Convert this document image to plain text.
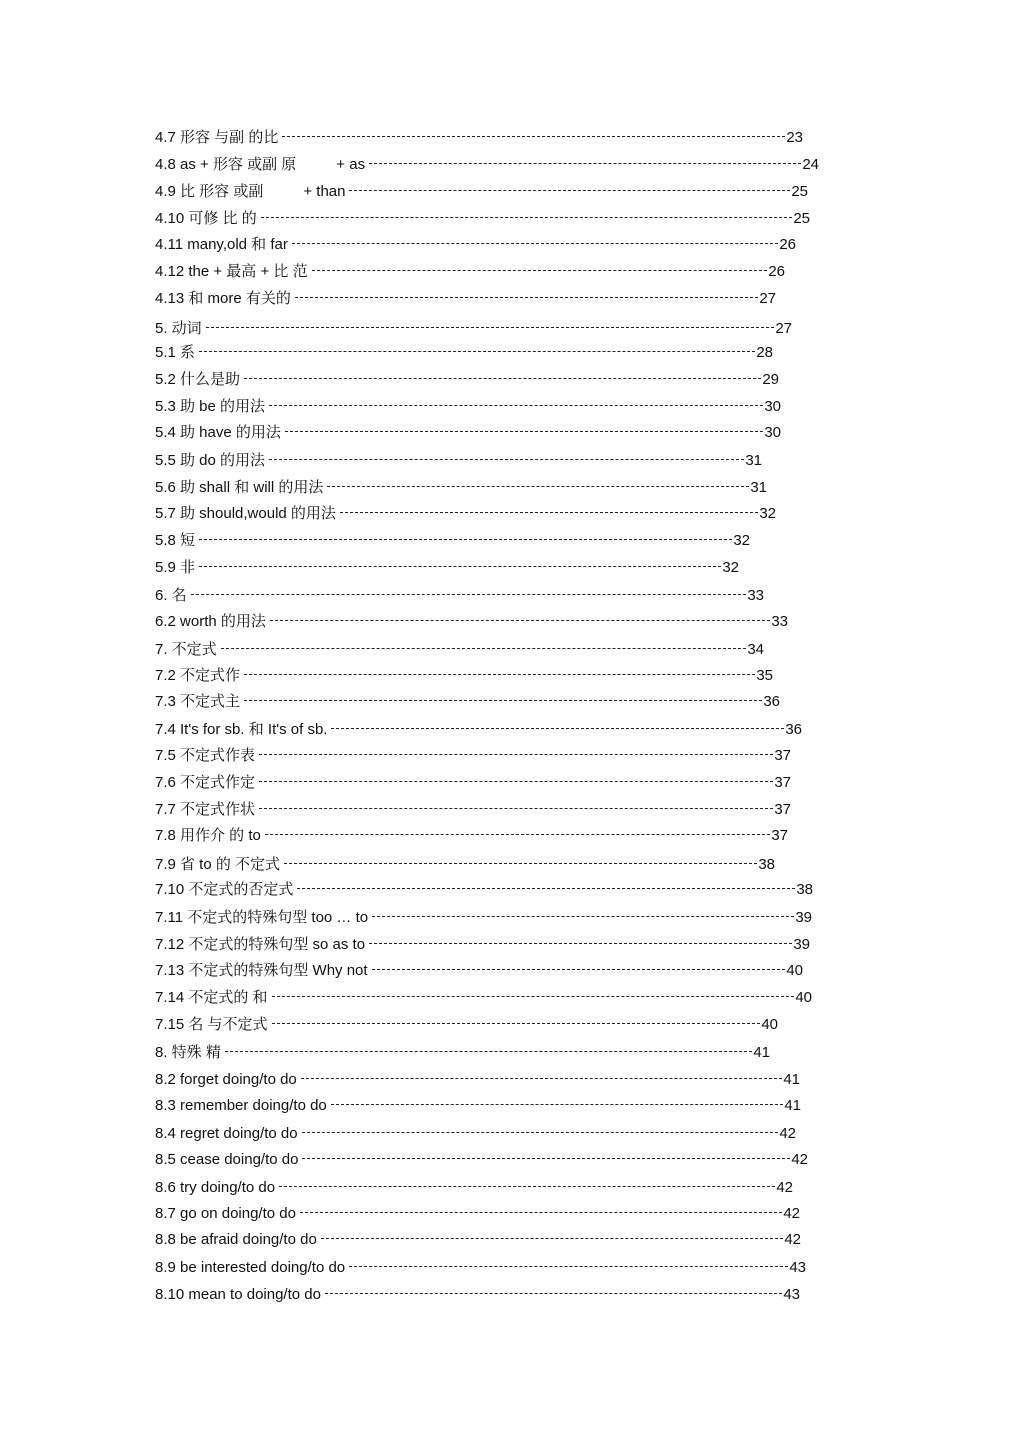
4.7 形容 与副 的比	23
4.8 as + 形容 或副 原	+ as	24
4.9 比 形容 或副	+ than	25
4.10 可修 比 的	25
4.11 many,old 和 far	26
4.12 the + 最高 + 比 范	26
4.13 和 more 有关的	27
5. 动词	27
5.1 系	28
5.2 什么是助	29
5.3 助 be 的用法	30
5.4 助 have 的用法	30
5.5 助 do 的用法	31
5.6 助 shall 和 will 的用法	31
5.7 助 should,would 的用法	32
5.8 短	32
5.9 非	32
6. 名	33
6.2 worth 的用法	33
7. 不定式	34
7.2 不定式作	35
7.3 不定式主	36
7.4 It's for sb. 和 It's of sb.	36
7.5 不定式作表	37
7.6 不定式作定	37
7.7 不定式作状	37
7.8 用作介 的 to	37
7.9 省 to 的 不定式	38
7.10 不定式的否定式	38
7.11 不定式的特殊句型 too … to	39
7.12 不定式的特殊句型 so as to	39
7.13 不定式的特殊句型 Why not	40
7.14 不定式的 和	40
7.15 名 与不定式	40
8. 特殊 精	41
8.2 forget doing/to do	41
8.3 remember doing/to do	41
8.4 regret doing/to do	42
8.5 cease doing/to do	42
8.6 try doing/to do	42
8.7 go on doing/to do	42
8.8 be afraid doing/to do	42
8.9 be interested doing/to do	43
8.10 mean to doing/to do	43
